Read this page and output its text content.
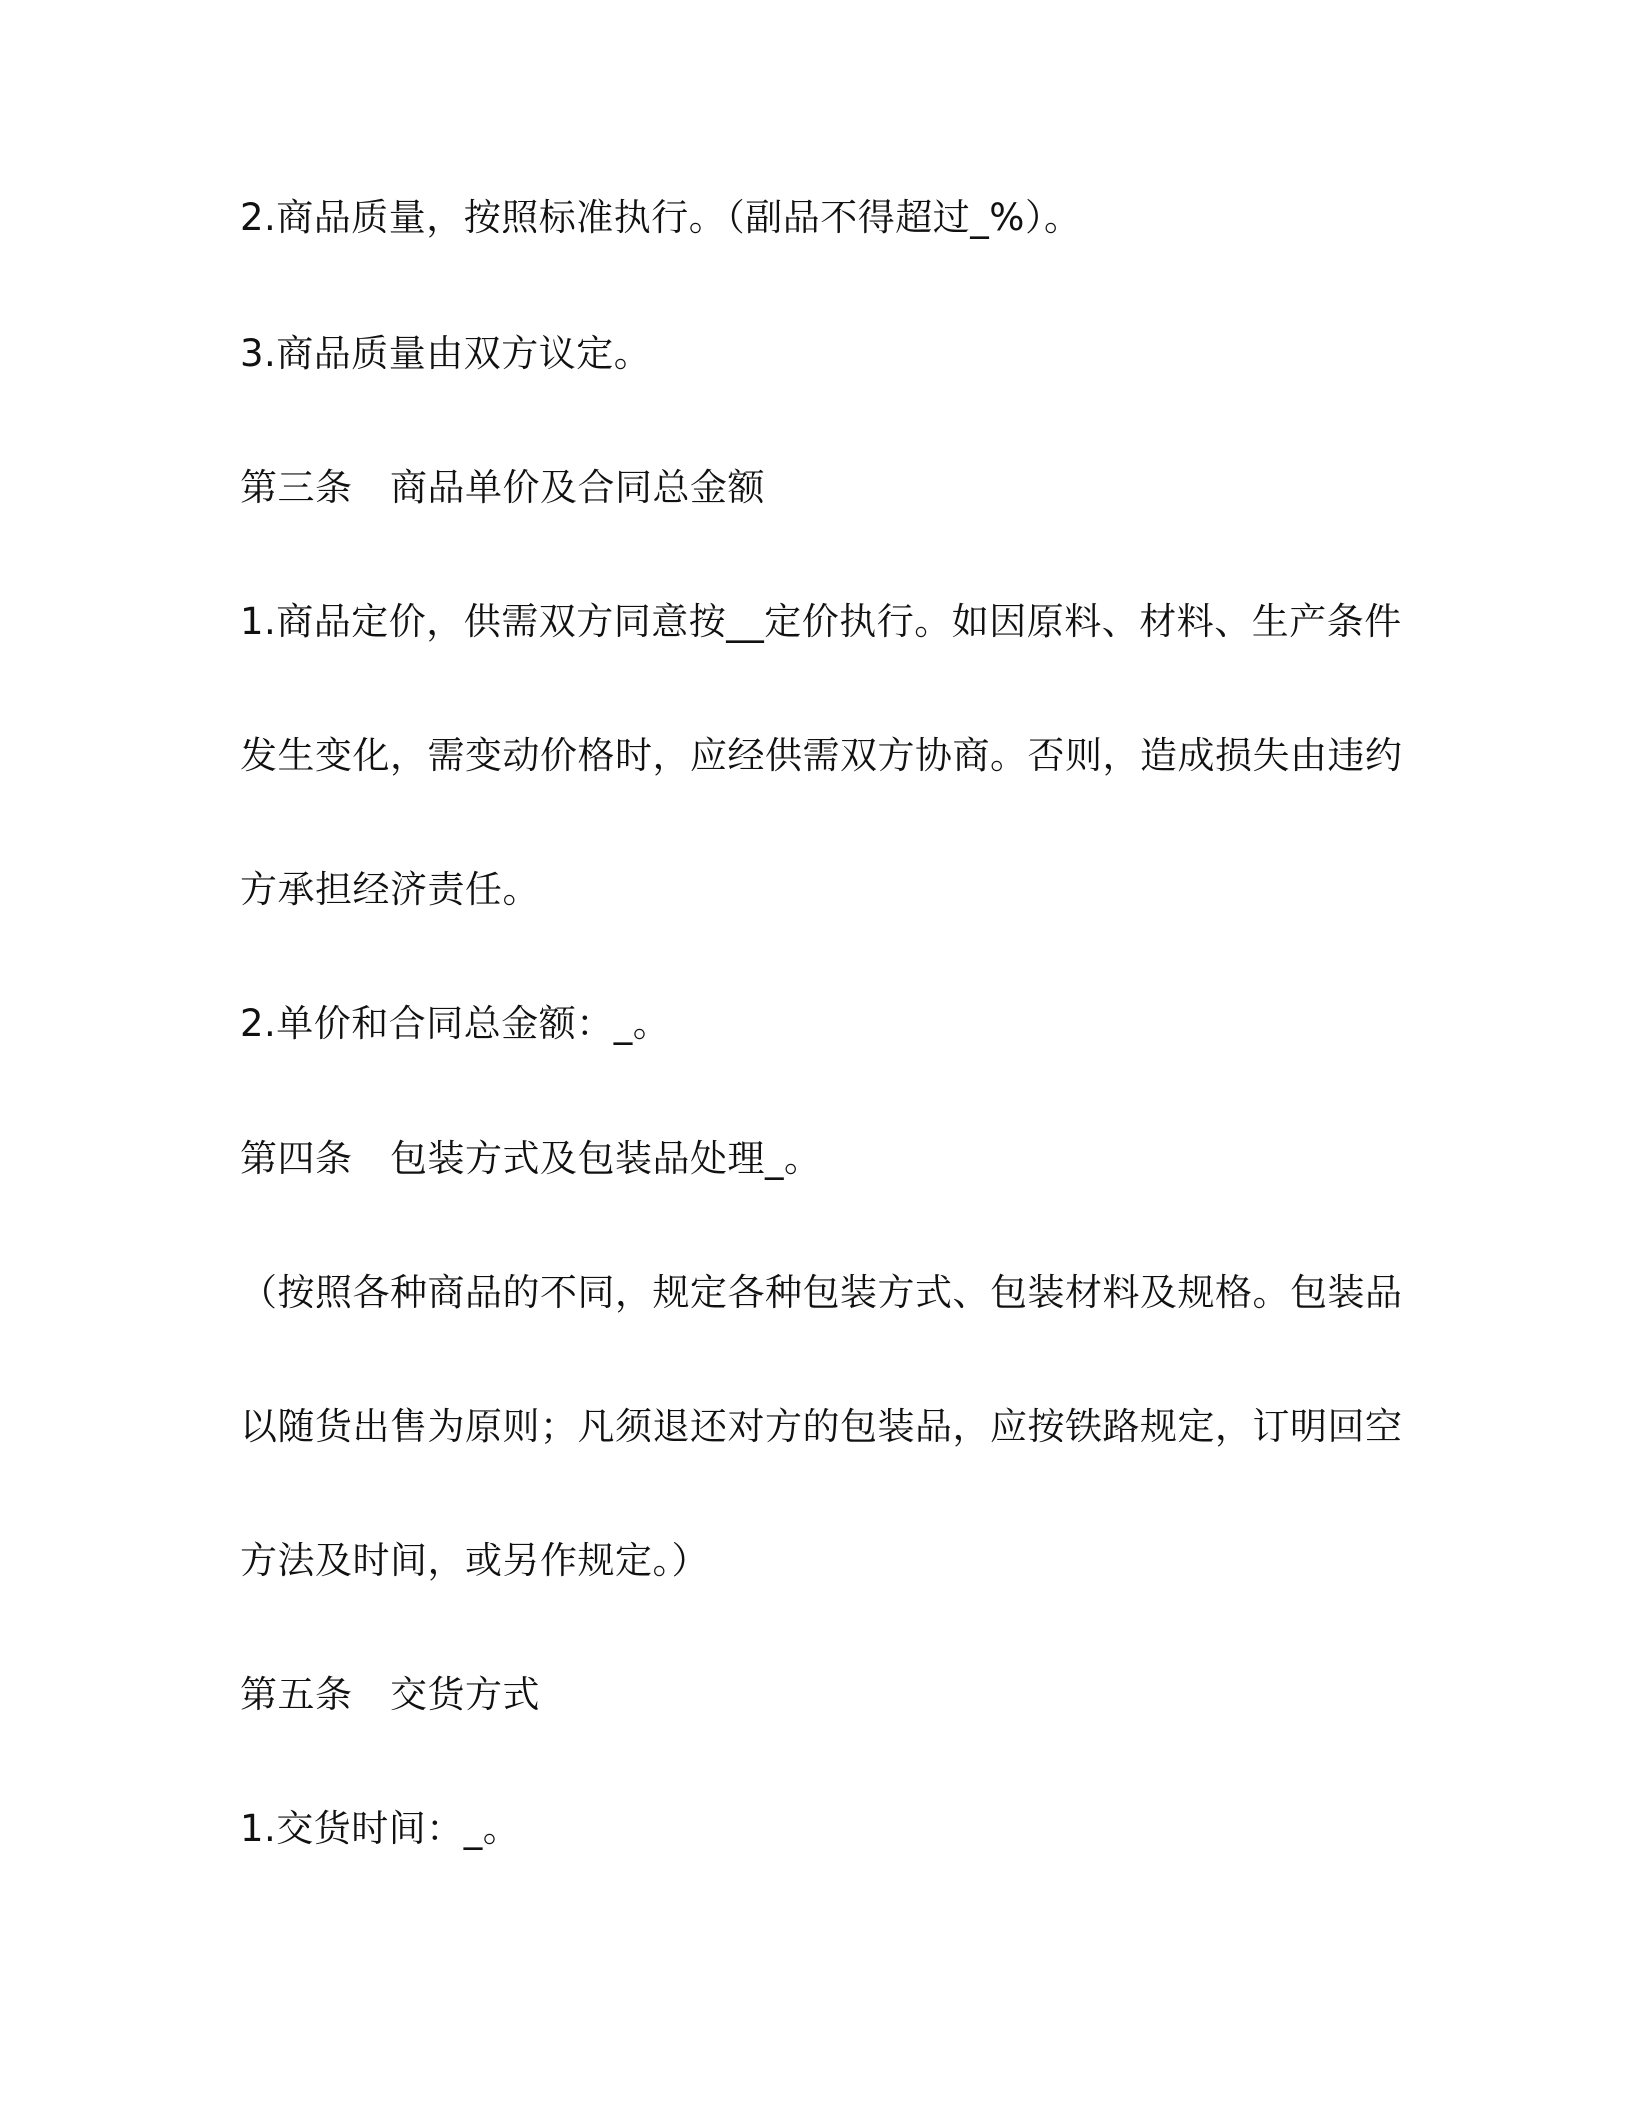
2.商品质量，按照标准执行。（副品不得超过_%）。
3.商品质量由双方议定。
第三条　商品单价及合同总金额
1.商品定价，供需双方同意按__定价执行。如因原料、材料、生产条件
发生变化，需变动价格时，应经供需双方协商。否则，造成损失由违约
方承担经济责任。
2.单价和合同总金额：_。
第四条　包装方式及包装品处理_。
（按照各种商品的不同，规定各种包装方式、包装材料及规格。包装品
以随货出售为原则；凡须退还对方的包装品，应按铁路规定，订明回空
方法及时间，或另作规定。）
第五条　交货方式
1.交货时间：_。
